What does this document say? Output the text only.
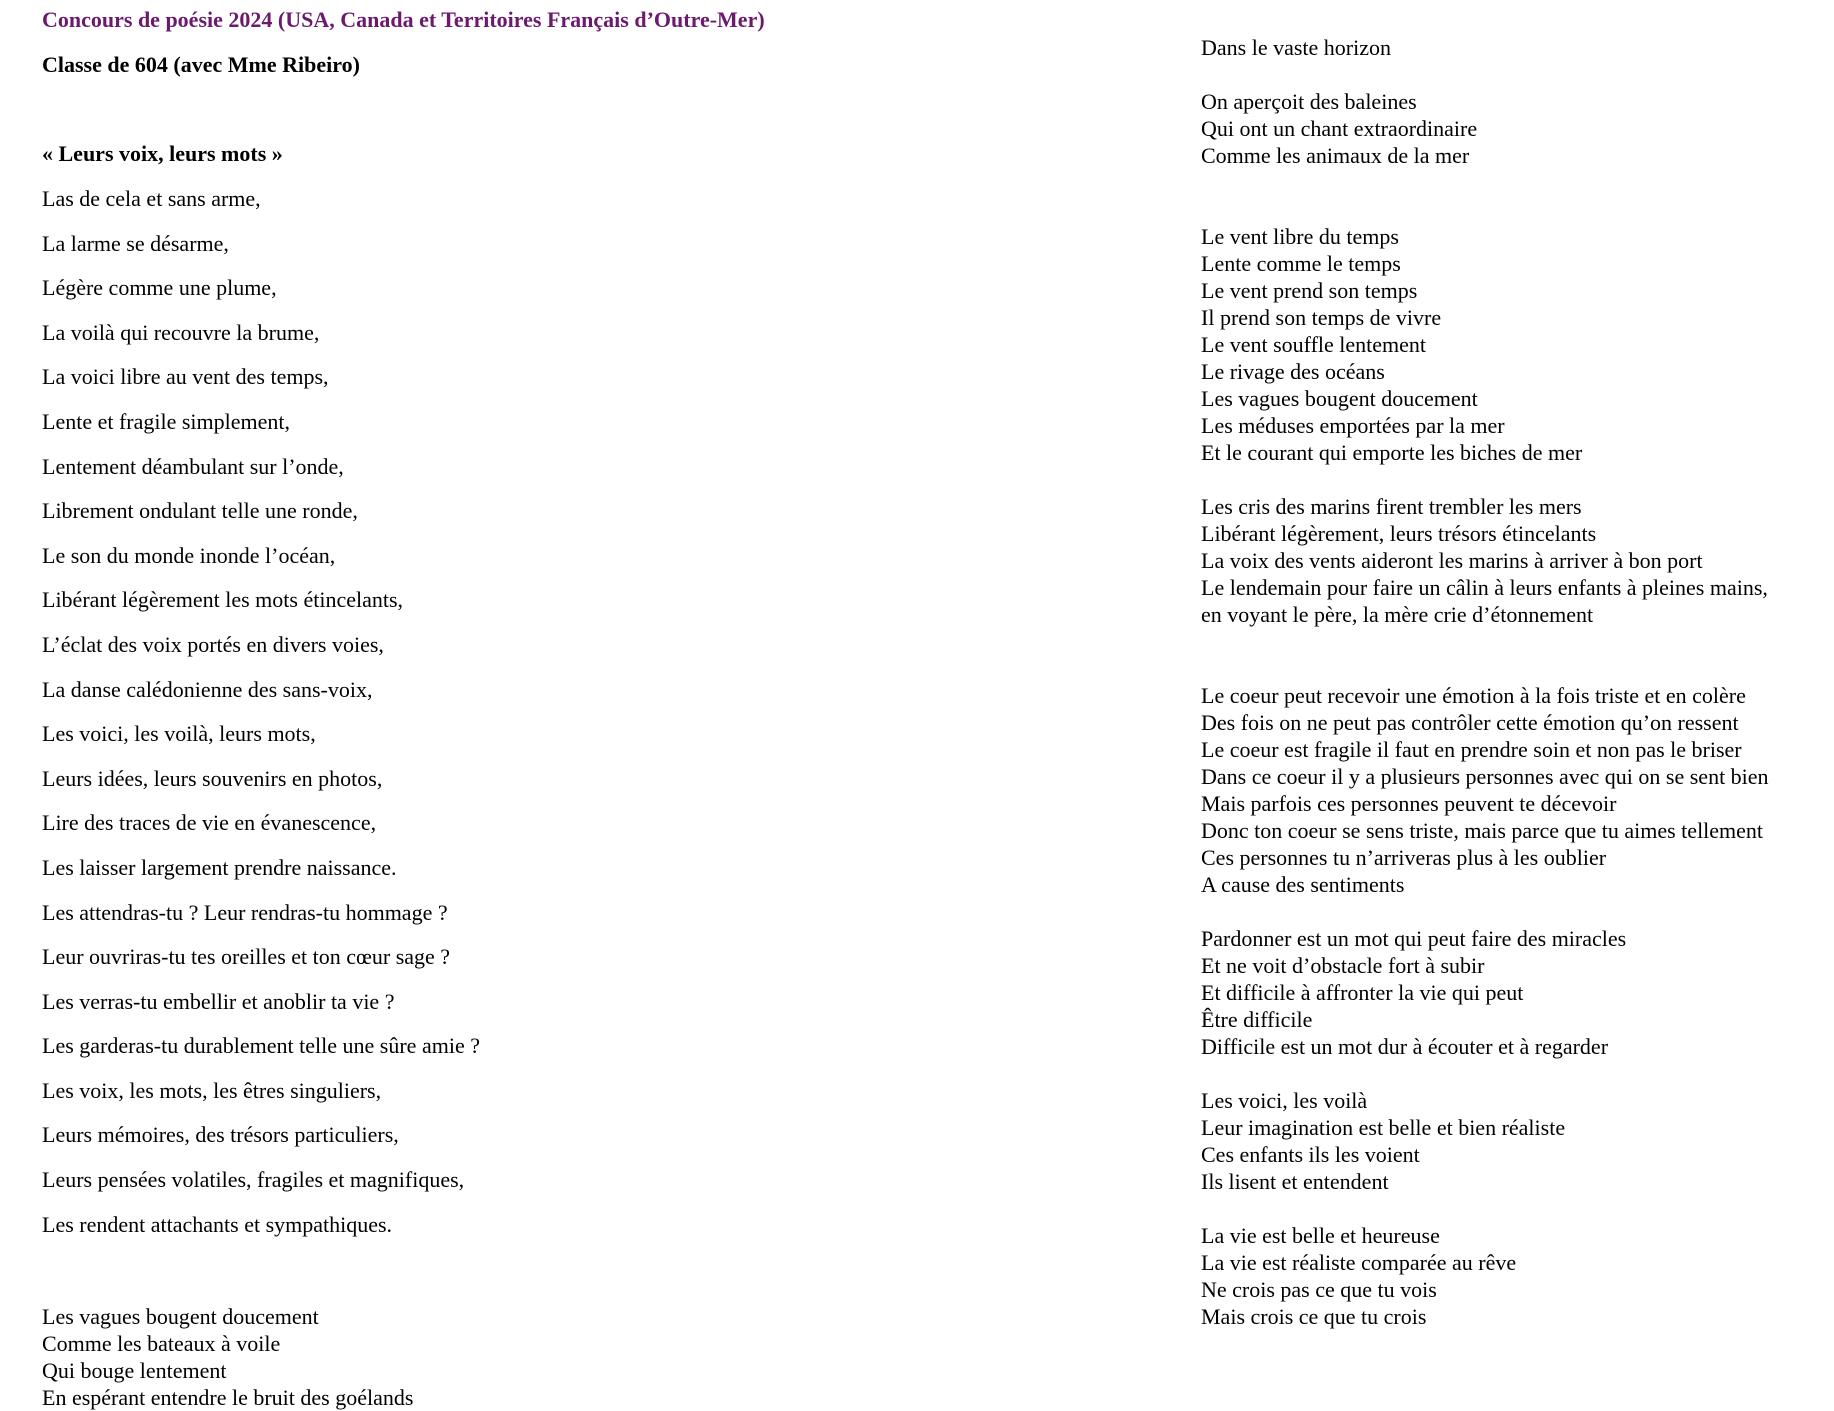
Concours de poésie 2024 (USA, Canada et Territoires Français d’Outre-Mer)
Classe de 604 (avec Mme Ribeiro)
« Leurs voix, leurs mots »
Las de cela et sans arme,
La larme se désarme,
Légère comme une plume,
La voilà qui recouvre la brume,
La voici libre au vent des temps,
Lente et fragile simplement,
Lentement déambulant sur l’onde,
Librement ondulant telle une ronde,
Le son du monde inonde l’océan,
Libérant légèrement les mots étincelants,
L’éclat des voix portés en divers voies,
La danse calédonienne des sans-voix,
Les voici, les voilà, leurs mots,
Leurs idées, leurs souvenirs en photos,
Lire des traces de vie en évanescence,
Les laisser largement prendre naissance.
Les attendras-tu ? Leur rendras-tu hommage ?
Leur ouvriras-tu tes oreilles et ton cœur sage ?
Les verras-tu embellir et anoblir ta vie ?
Les garderas-tu durablement telle une sûre amie ?
Les voix, les mots, les êtres singuliers,
Leurs mémoires, des trésors particuliers,
Leurs pensées volatiles, fragiles et magnifiques,
Les rendent attachants et sympathiques.
Les vagues bougent doucement
Comme les bateaux à voile
Qui bouge lentement
En espérant entendre le bruit des goélands
Dans le vaste horizon
On aperçoit des baleines
Qui ont un chant extraordinaire
Comme les animaux de la mer
Le vent libre du temps
Lente comme le temps
Le vent prend son temps
Il prend son temps de vivre
Le vent souffle lentement
Le rivage des océans
Les vagues bougent doucement
Les méduses emportées par la mer
Et le courant qui emporte les biches de mer
Les cris des marins firent trembler les mers
Libérant légèrement, leurs trésors étincelants
La voix des vents aideront les marins à arriver à bon port
Le lendemain pour faire un câlin à leurs enfants à pleines mains,
en voyant le père, la mère crie d’étonnement
Le coeur peut recevoir une émotion à la fois triste et en colère
Des fois on ne peut pas contrôler cette émotion qu’on ressent
Le coeur est fragile il faut en prendre soin et non pas le briser
Dans ce coeur il y a plusieurs personnes avec qui on se sent bien
Mais parfois ces personnes peuvent te décevoir
Donc ton coeur se sens triste, mais parce que tu aimes tellement
Ces personnes tu n’arriveras plus à les oublier
A cause des sentiments
Pardonner est un mot qui peut faire des miracles
Et ne voit d’obstacle fort à subir
Et difficile à affronter la vie qui peut
Être difficile
Difficile est un mot dur à écouter et à regarder
Les voici, les voilà
Leur imagination est belle et bien réaliste
Ces enfants ils les voient
Ils lisent et entendent
La vie est belle et heureuse
La vie est réaliste comparée au rêve
Ne crois pas ce que tu vois
Mais crois ce que tu crois
